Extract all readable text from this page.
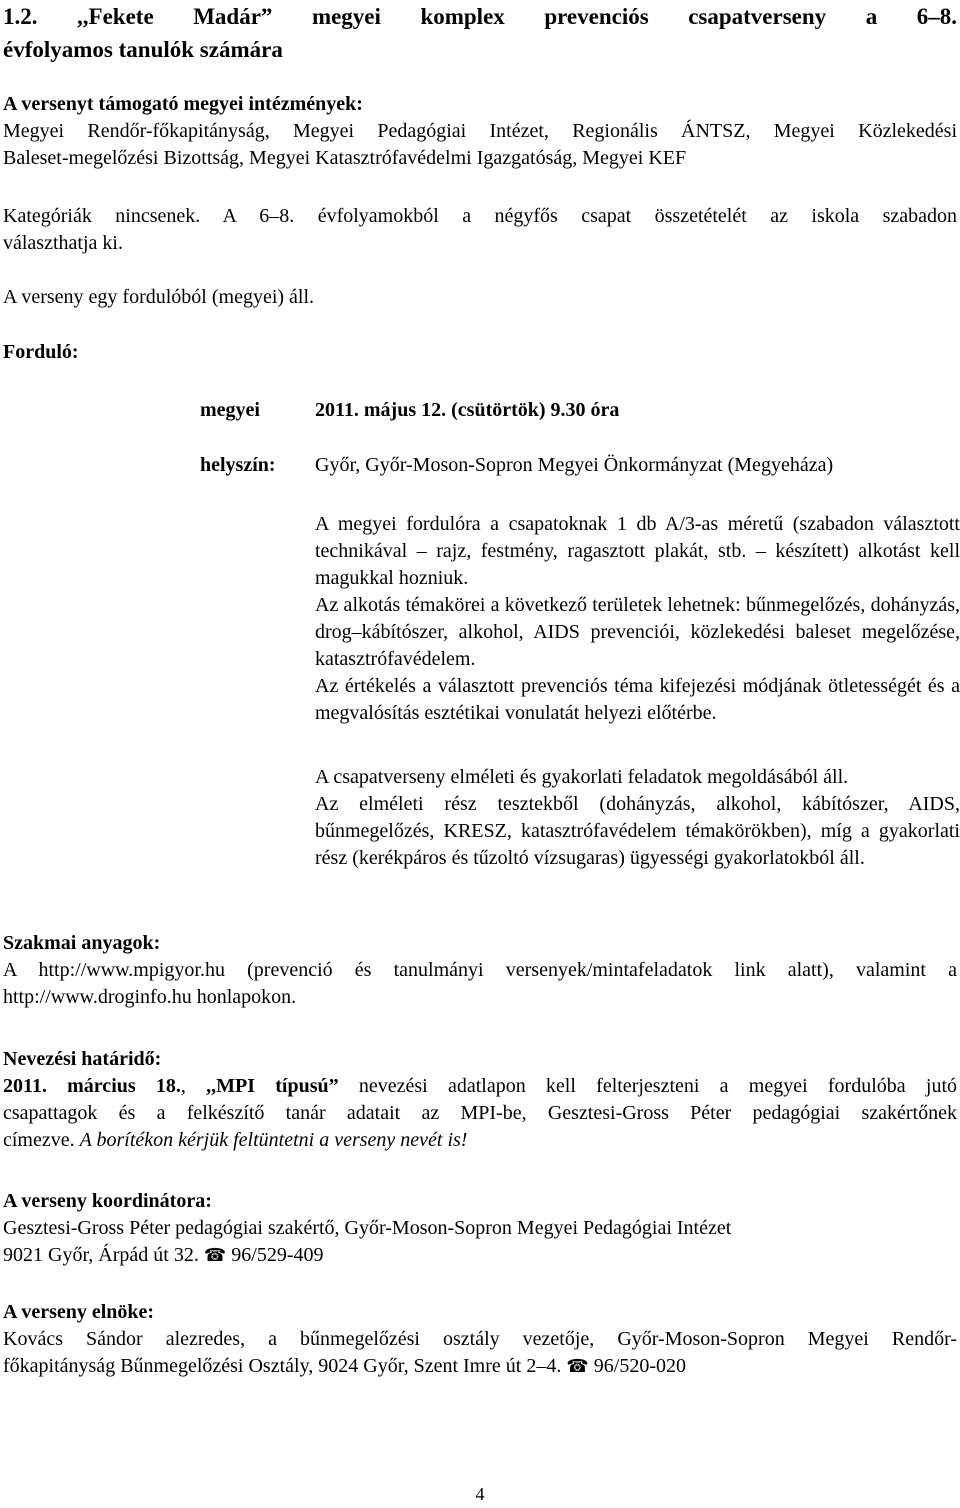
1.2. ,,Fekete Madár” megyei komplex prevenciós csapatverseny a 6–8.
évfolyamos tanulók számára
A versenyt támogató megyei intézmények:
Megyei Rendőr-főkapitányság, Megyei Pedagógiai Intézet, Regionális ÁNTSZ, Megyei Közlekedési
Baleset-megelőzési Bizottság, Megyei Katasztrófavédelmi Igazgatóság, Megyei KEF
Kategóriák nincsenek. A 6–8. évfolyamokból a négyfős csapat összetételét az iskola szabadon
választhatja ki.
A verseny egy fordulóból (megyei) áll.
Forduló:
megyei	2011. május 12. (csütörtök) 9.30 óra
helyszín: Győr, Győr-Moson-Sopron Megyei Önkormányzat (Megyeháza)

A megyei fordulóra a csapatoknak 1 db A/3-as méretű (szabadon választott technikával – rajz, festmény, ragasztott plakát, stb. – készített) alkotást kell magukkal hozniuk.

Az alkotás témakörei a következő területek lehetnek: bűnmegelőzés, dohányzás, drog–kábítószer, alkohol, AIDS prevenciói, közlekedési baleset megelőzése, katasztrófavédelem.

Az értékelés a választott prevenciós téma kifejezési módjának ötletességét és a megvalósítás esztétikai vonulatát helyezi előtérbe.

A csapatverseny elméleti és gyakorlati feladatok megoldásából áll.

Az elméleti rész tesztekből (dohányzás, alkohol, kábítószer, AIDS, bűnmegelőzés, KRESZ, katasztrófavédelem témakörökben), míg a gyakorlati rész (kerékpáros és tűzoltó vízsugaras) ügyességi gyakorlatokból áll.

Szakmai anyagok:
A http://www.mpigyor.hu (prevenció és tanulmányi versenyek/mintafeladatok link alatt), valamint a
http://www.droginfo.hu honlapokon.
Nevezési határidő:
2011. március 18., ,,MPI típusú” nevezési adatlapon kell felterjeszteni a megyei fordulóba jutó
csapattagok és a felkészítő tanár adatait az MPI-be, Gesztesi-Gross Péter pedagógiai szakértőnek
címezve. A borítékon kérjük feltüntetni a verseny nevét is!
A verseny koordinátora:
Gesztesi-Gross Péter pedagógiai szakértő, Győr-Moson-Sopron Megyei Pedagógiai Intézet
9021 Győr, Árpád út 32. ☎ 96/529-409
A verseny elnöke:
Kovács Sándor alezredes, a bűnmegelőzési osztály vezetője, Győr-Moson-Sopron Megyei Rendőr-
főkapitányság Bűnmegelőzési Osztály, 9024 Győr, Szent Imre út 2–4. ☎ 96/520-020
4
